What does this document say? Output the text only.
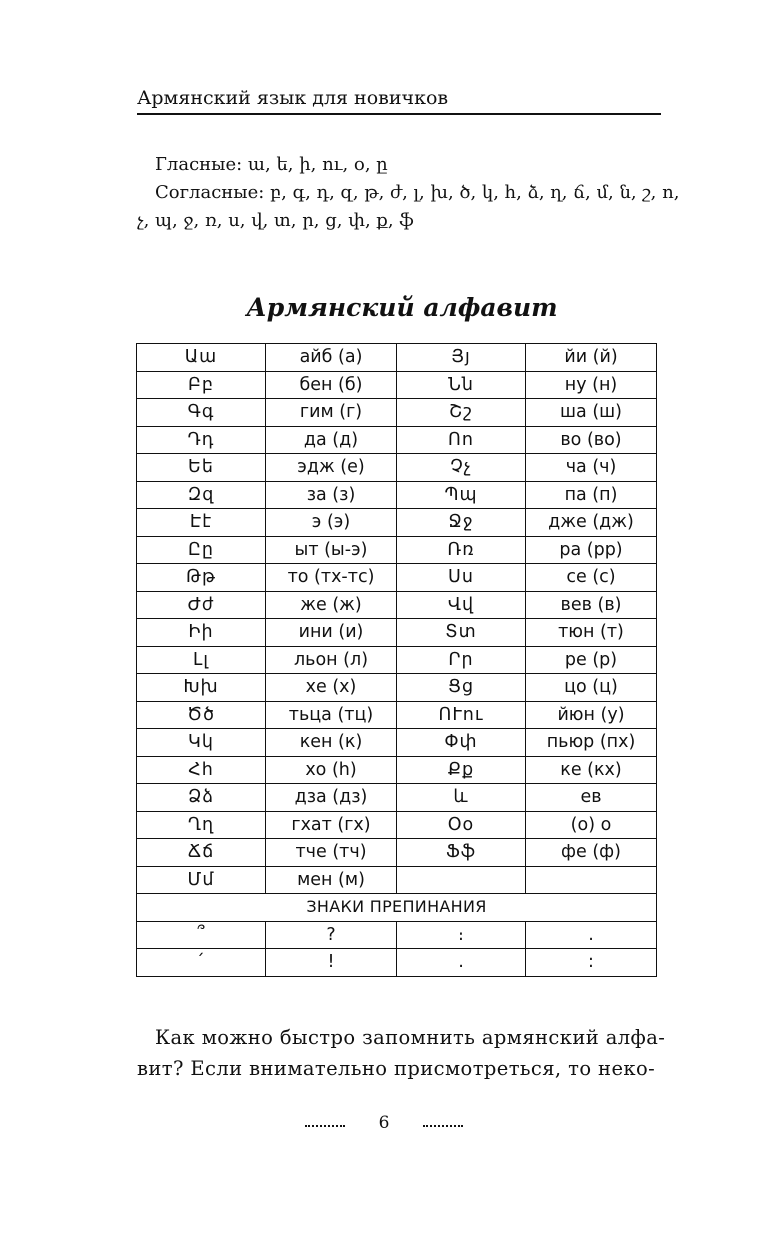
Армянский язык для новичков
Гласные: ա, ե, ի, ու, օ, ը
Согласные: բ, գ, դ, զ, թ, ժ, լ, խ, ծ, կ, հ, ձ, ղ, ճ, մ, ն, շ, ո,
չ, պ, ջ, ռ, ս, վ, տ, ր, ց, փ, ք, ֆ
Армянский алфавит
Աա	айб (а)	Յյ	йи (й)
Բբ	бен (б)	Նն	ну (н)
Գգ	гим (г)	Շշ	ша (ш)
Դդ	да (д)	Ոո	во (во)
Եե	эдж (е)	Չչ	ча (ч)
Զզ	за (з)	Պպ	па (п)
Էէ	э (э)	Ջջ	дже (дж)
Ըը	ыт (ы-э)	Ռռ	ра (рр)
Թթ	то (тх-тс)	Սս	се (с)
Ժժ	же (ж)	Վվ	вев (в)
Իի	ини (и)	Տտ	тюн (т)
Լլ	льон (л)	Րր	ре (р)
Խխ	хе (х)	Ցց	цо (ц)
Ծծ	тьца (тц)	ՈՒու	йюн (у)
Կկ	кен (к)	Փփ	пьюр (пх)
Հհ	хо (h)	Քք	ке (кх)
Ձձ	дза (дз)	և	ев
Ղղ	гхат (гх)	Օօ	(о) о
Ճճ	тче (тч)	Ֆֆ	фе (ф)
Մմ	мен (м)		
ЗНАКИ ПРЕПИНАНИЯ			
՞	?	։	.
՛	!	․	:
Как можно быстро запомнить армянский алфа-
вит? Если внимательно присмотреться, то неко-
6
